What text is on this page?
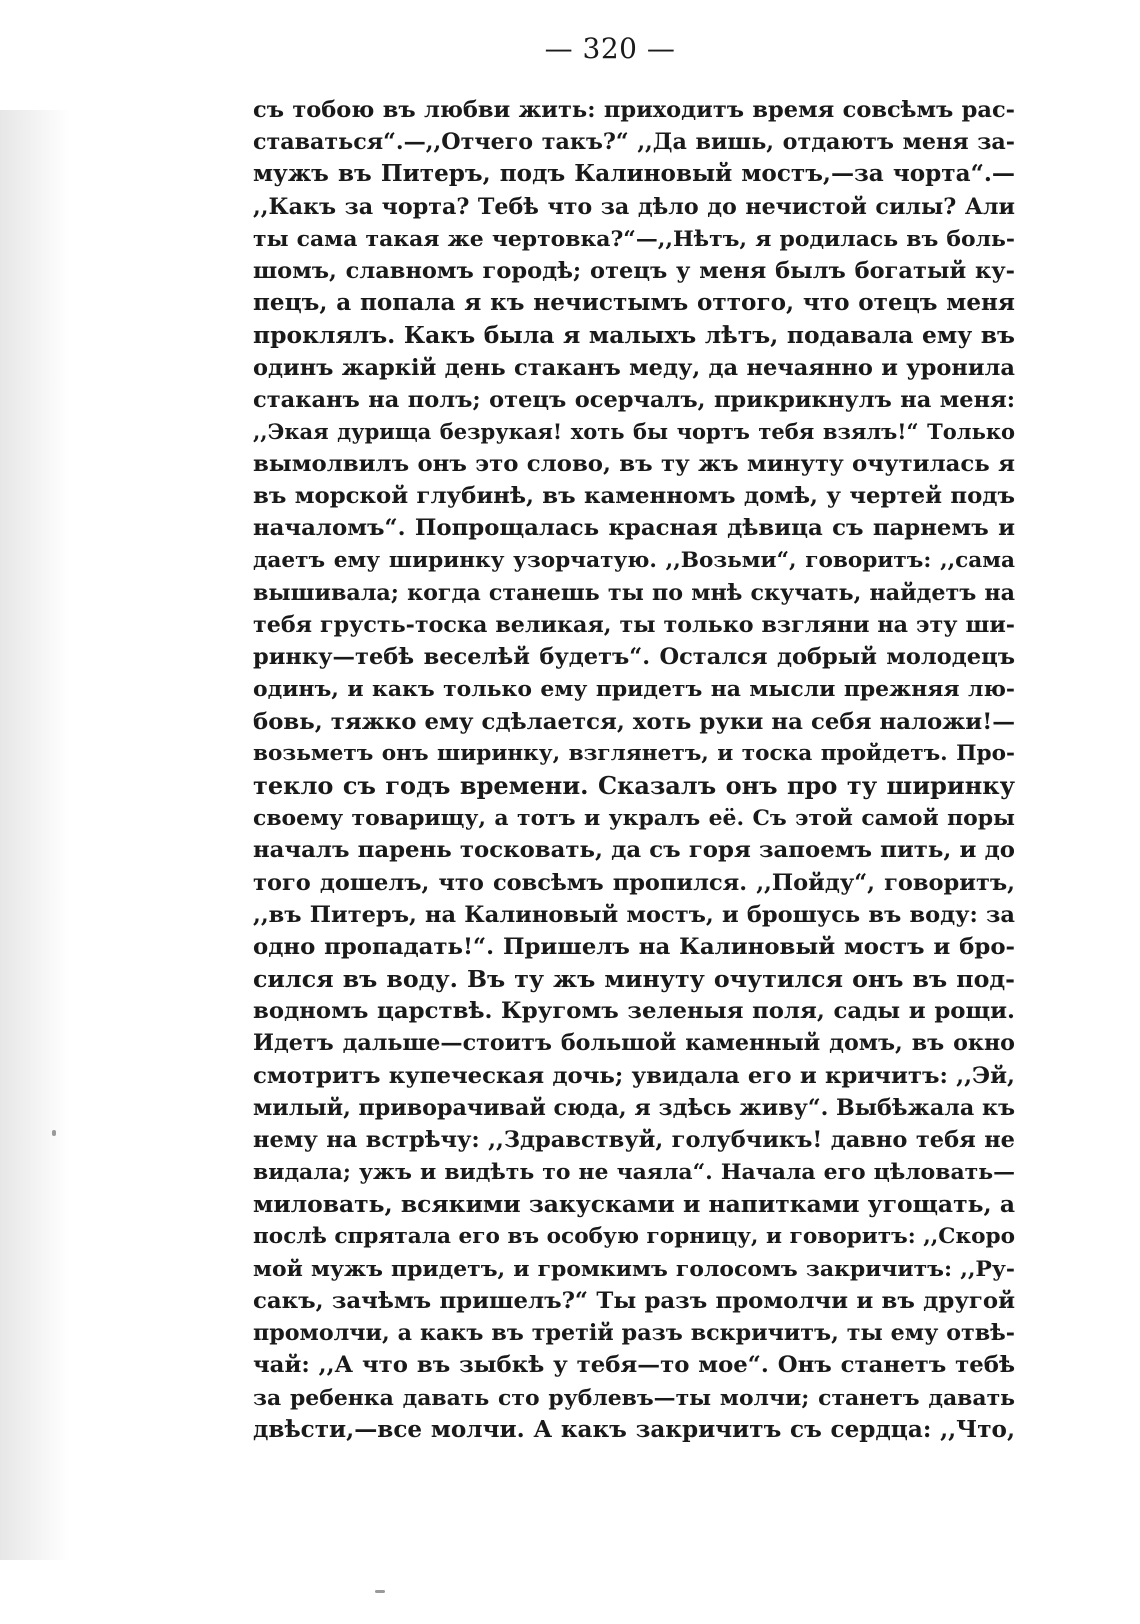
— 320 —
съ тобою въ любви жить: приходитъ время совсѣмъ рас-
ставаться“.—,,Отчего такъ?“ ,,Да вишь, отдаютъ меня за-
мужъ въ Питеръ, подъ Калиновый мостъ,—за чорта“.—
,,Какъ за чорта? Тебѣ что за дѣло до нечистой силы? Али
ты сама такая же чертовка?“—,,Нѣтъ, я родилась въ боль-
шомъ, славномъ городѣ; отецъ у меня былъ богатый ку-
пецъ, а попала я къ нечистымъ оттого, что отецъ меня
проклялъ. Какъ была я малыхъ лѣтъ, подавала ему въ
одинъ жаркій день стаканъ меду, да нечаянно и уронила
стаканъ на полъ; отецъ осерчалъ, прикрикнулъ на меня:
,,Экая дурища безрукая! хоть бы чортъ тебя взялъ!“ Только
вымолвилъ онъ это слово, въ ту жъ минуту очутилась я
въ морской глубинѣ, въ каменномъ домѣ, у чертей подъ
началомъ“. Попрощалась красная дѣвица съ парнемъ и
даетъ ему ширинку узорчатую. ,,Возьми“, говоритъ: ,,сама
вышивала; когда станешь ты по мнѣ скучать, найдетъ на
тебя грусть-тоска великая, ты только взгляни на эту ши-
ринку—тебѣ веселѣй будетъ“. Остался добрый молодецъ
одинъ, и какъ только ему придетъ на мысли прежняя лю-
бовь, тяжко ему сдѣлается, хоть руки на себя наложи!—
возьметъ онъ ширинку, взглянетъ, и тоска пройдетъ. Про-
текло съ годъ времени. Сказалъ онъ про ту ширинку
своему товарищу, а тотъ и укралъ её. Съ этой самой поры
началъ парень тосковать, да съ горя запоемъ пить, и до
того дошелъ, что совсѣмъ пропился. ,,Пойду“, говоритъ,
,,въ Питеръ, на Калиновый мостъ, и брошусь въ воду: за
одно пропадать!“. Пришелъ на Калиновый мостъ и бро-
сился въ воду. Въ ту жъ минуту очутился онъ въ под-
водномъ царствѣ. Кругомъ зеленыя поля, сады и рощи.
Идетъ дальше—стоитъ большой каменный домъ, въ окно
смотритъ купеческая дочь; увидала его и кричитъ: ,,Эй,
милый, приворачивай сюда, я здѣсь живу“. Выбѣжала къ
нему на встрѣчу: ,,Здравствуй, голубчикъ! давно тебя не
видала; ужъ и видѣть то не чаяла“. Начала его цѣловать—
миловать, всякими закусками и напитками угощать, а
послѣ спрятала его въ особую горницу, и говоритъ: ,,Скоро
мой мужъ придетъ, и громкимъ голосомъ закричитъ: ,,Ру-
сакъ, зачѣмъ пришелъ?“ Ты разъ промолчи и въ другой
промолчи, а какъ въ третій разъ вскричитъ, ты ему отвѣ-
чай: ,,А что въ зыбкѣ у тебя—то мое“. Онъ станетъ тебѣ
за ребенка давать сто рублевъ—ты молчи; станетъ давать
двѣсти,—все молчи. А какъ закричитъ съ сердца: ,,Что,
